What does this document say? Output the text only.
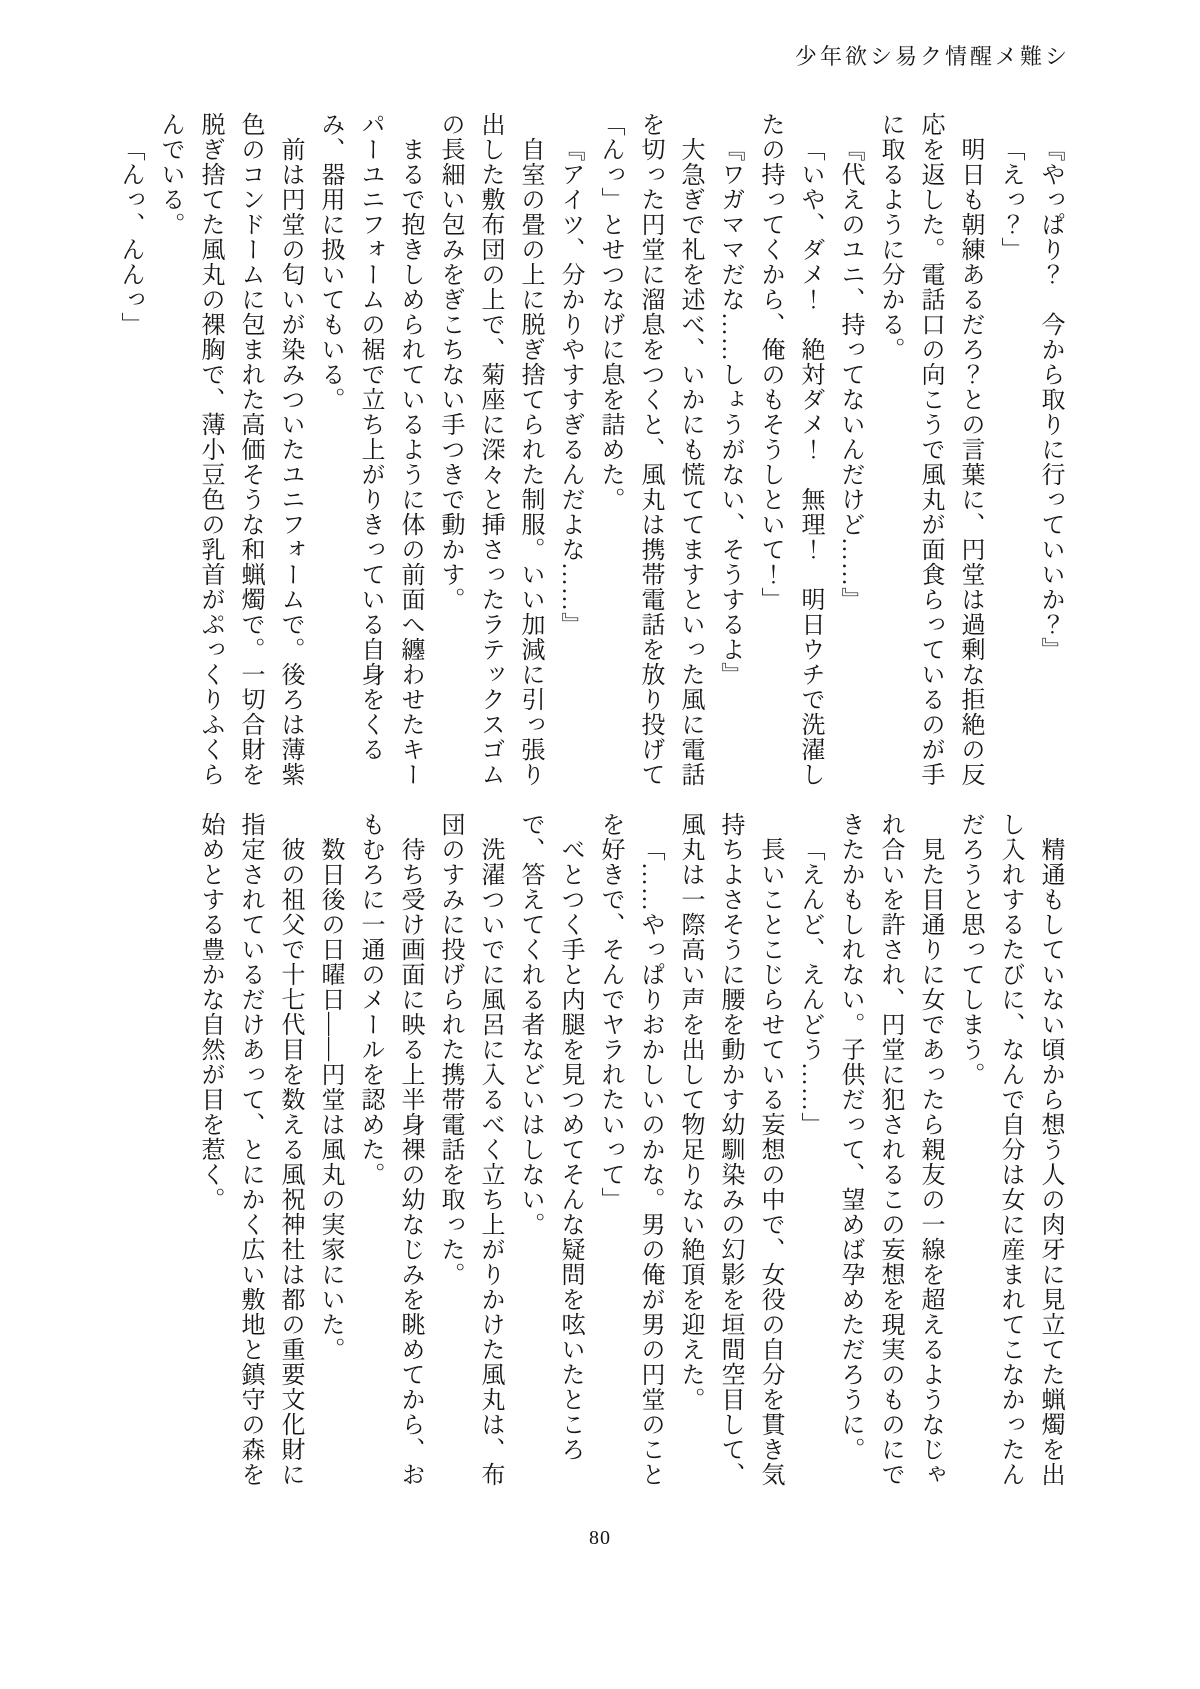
少年欲シ易ク情醒メ難シ

『やっぱり？　今から取りに行っていいか？』

「えっ？」

明日も朝練あるだろ？との言葉に、円堂は過剰な拒絶の反応を返した。電話口の向こうで風丸が面食らっているのが手に取るように分かる。

『代えのユニ、持ってないんだけど……』

「いや、ダメ！　絶対ダメ！　無理！　明日ウチで洗濯したの持ってくから、俺のもそうしといて！」

『ワガママだな……しょうがない、そうするよ』

大急ぎで礼を述べ、いかにも慌ててますといった風に電話を切った円堂に溜息をつくと、風丸は携帯電話を放り投げて「んっ」とせつなげに息を詰めた。

『アイツ、分かりやすすぎるんだよな……』

自室の畳の上に脱ぎ捨てられた制服。いい加減に引っ張り出した敷布団の上で、菊座に深々と挿さったラテックスゴムの長細い包みをぎこちない手つきで動かす。

まるで抱きしめられているように体の前面へ纏わせたキーパーユニフォームの裾で立ち上がりきっている自身をくるみ、器用に扱いてもいる。

前は円堂の匂いが染みついたユニフォームで。後ろは薄紫色のコンドームに包まれた高価そうな和蝋燭で。一切合財を脱ぎ捨てた風丸の裸胸で、薄小豆色の乳首がぷっくりふくらんでいる。

「んっ、んんっ」

精通もしていない頃から想う人の肉牙に見立てた蝋燭を出し入れするたびに、なんで自分は女に産まれてこなかったんだろうと思ってしまう。

見た目通りに女であったら親友の一線を超えるようなじゃれ合いを許され、円堂に犯されるこの妄想を現実のものにできたかもしれない。子供だって、望めば孕めただろうに。

「えんど、えんどう……」

長いことこじらせている妄想の中で、女役の自分を貫き気持ちよさそうに腰を動かす幼馴染みの幻影を垣間空目して、風丸は一際高い声を出して物足りない絶頂を迎えた。

「……やっぱりおかしいのかな。男の俺が男の円堂のことを好きで、そんでヤラれたいって」

べとつく手と内腿を見つめてそんな疑問を呟いたところで、答えてくれる者などいはしない。

洗濯ついでに風呂に入るべく立ち上がりかけた風丸は、布団のすみに投げられた携帯電話を取った。

待ち受け画面に映る上半身裸の幼なじみを眺めてから、おもむろに一通のメールを認めた。

数日後の日曜日――円堂は風丸の実家にいた。

彼の祖父で十七代目を数える風祝神社は都の重要文化財に指定されているだけあって、とにかく広い敷地と鎮守の森を始めとする豊かな自然が目を惹く。

80
